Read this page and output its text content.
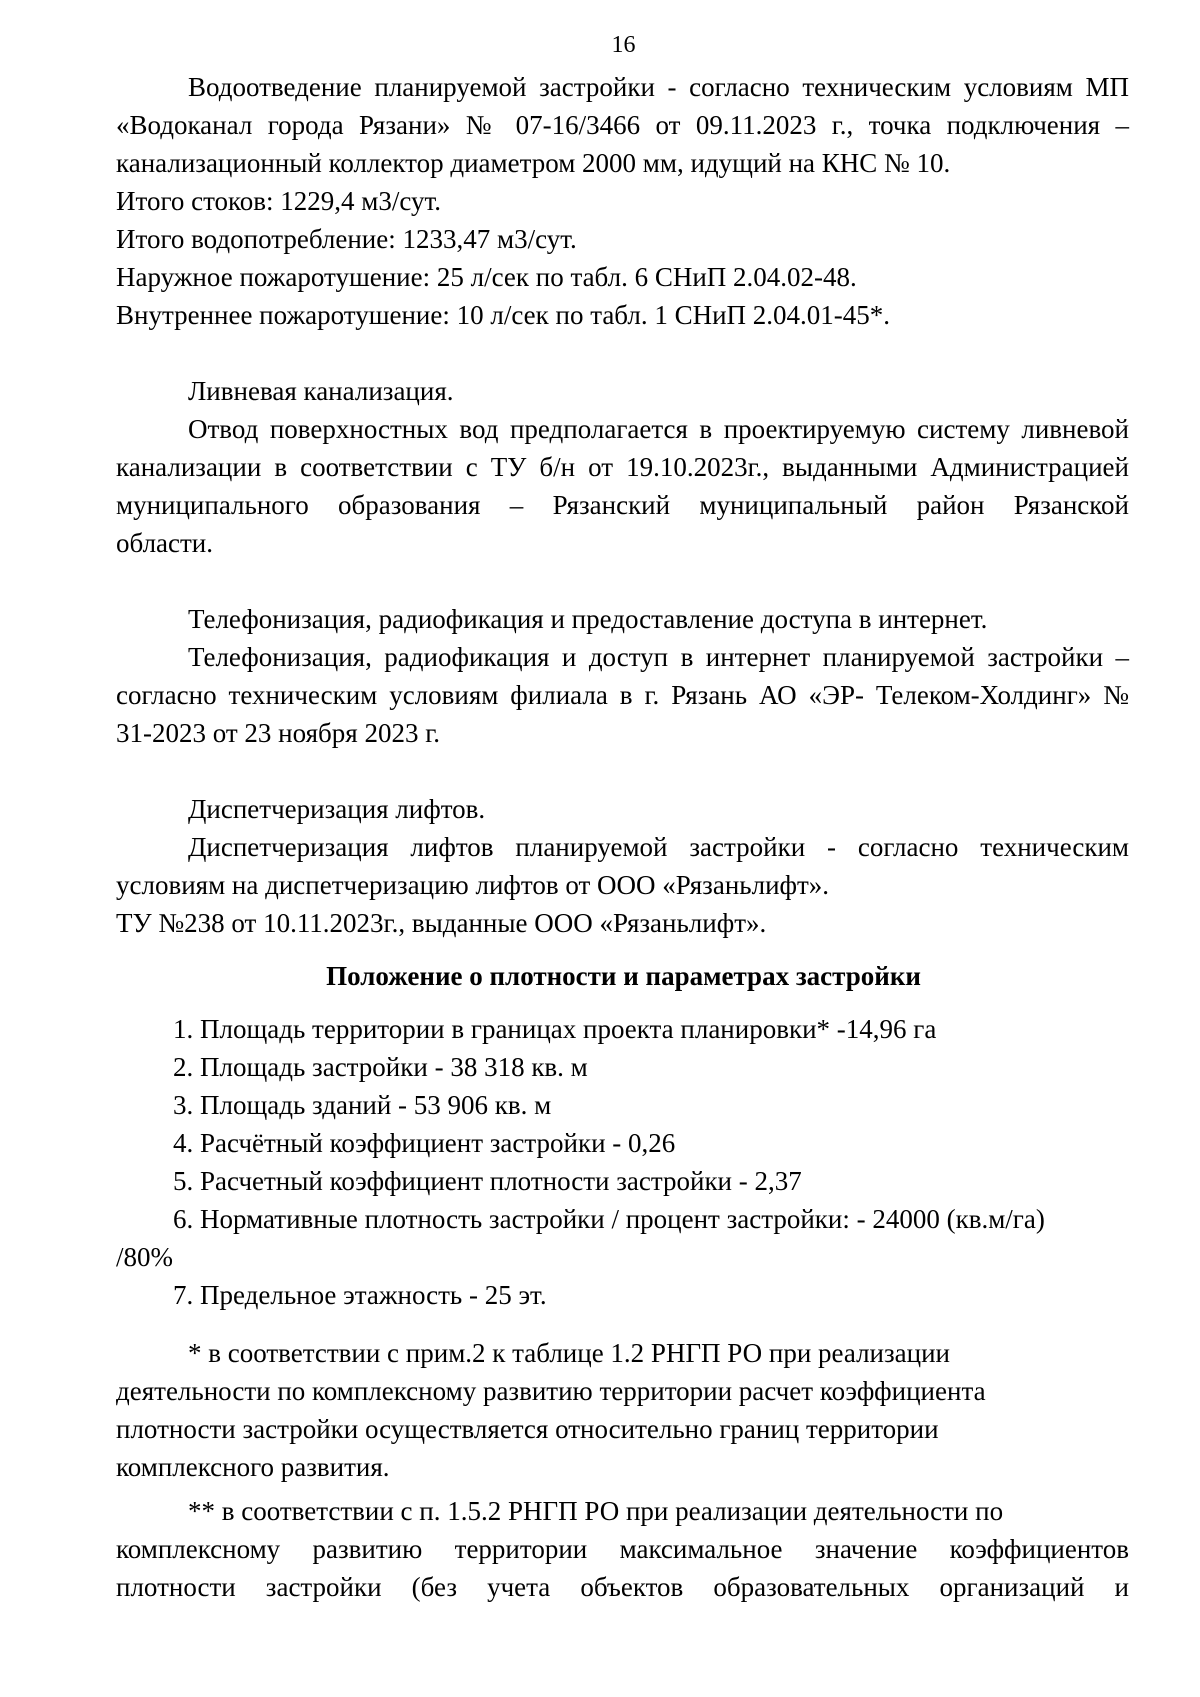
16
Водоотведение планируемой застройки - согласно техническим условиям МП
«Водоканал города Рязани» № 07-16/3466 от 09.11.2023 г., точка подключения –
канализационный коллектор диаметром 2000 мм, идущий на КНС № 10.
Итого стоков: 1229,4 м3/сут.
Итого водопотребление: 1233,47 м3/сут.
Наружное пожаротушение: 25 л/сек по табл. 6 СНиП 2.04.02-48.
Внутреннее пожаротушение: 10 л/сек по табл. 1 СНиП 2.04.01-45*.
Ливневая канализация.
Отвод поверхностных вод предполагается в проектируемую систему ливневой
канализации в соответствии с ТУ б/н от 19.10.2023г., выданными Администрацией
муниципального образования – Рязанский муниципальный район Рязанской
области.
Телефонизация, радиофикация и предоставление доступа в интернет.
Телефонизация, радиофикация и доступ в интернет планируемой застройки –
согласно техническим условиям филиала в г. Рязань АО «ЭР- Телеком-Холдинг» №
31-2023 от 23 ноября 2023 г.
Диспетчеризация лифтов.
Диспетчеризация лифтов планируемой застройки - согласно техническим
условиям на диспетчеризацию лифтов от ООО «Рязаньлифт».
ТУ №238 от 10.11.2023г., выданные ООО «Рязаньлифт».
Положение о плотности и параметрах застройки
1. Площадь территории в границах проекта планировки* -14,96 га
2. Площадь застройки - 38 318 кв. м
3. Площадь зданий - 53 906 кв. м
4. Расчётный коэффициент застройки - 0,26
5. Расчетный коэффициент плотности застройки - 2,37
6. Нормативные плотность застройки / процент застройки: - 24000 (кв.м/га)
/80%
7. Предельное этажность - 25 эт.
* в соответствии с прим.2 к таблице 1.2 РНГП РО при реализации
деятельности по комплексному развитию территории расчет коэффициента
плотности застройки осуществляется относительно границ территории
комплексного развития.
** в соответствии с п. 1.5.2 РНГП РО при реализации деятельности по
комплексному развитию территории максимальное значение коэффициентов
плотности застройки (без учета объектов образовательных организаций и
